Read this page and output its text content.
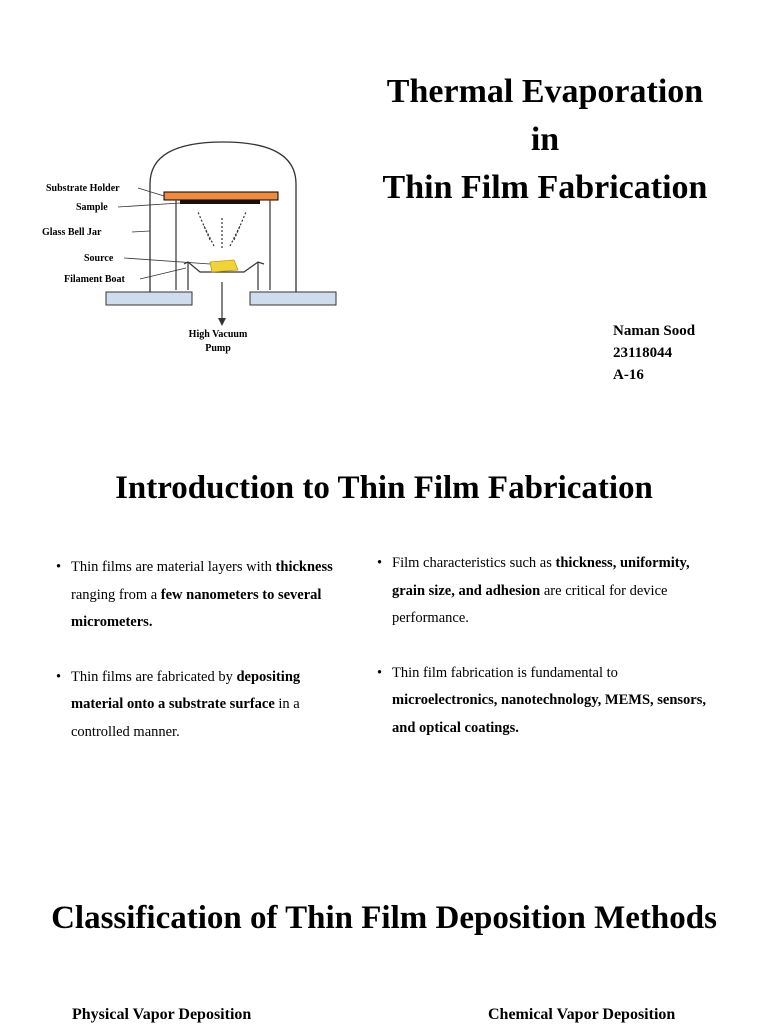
Thermal Evaporation
in
Thin Film Fabrication
Substrate Holder
Sample
Glass Bell Jar
Source
Filament Boat
High Vacuum
Pump
Naman Sood
23118044
A-16
Introduction to Thin Film Fabrication
• Thin films are material layers with thickness ranging from a few nanometers to several micrometers.
• Thin films are fabricated by depositing material onto a substrate surface in a controlled manner.
• Film characteristics such as thickness, uniformity, grain size, and adhesion are critical for device performance.
• Thin film fabrication is fundamental to microelectronics, nanotechnology, MEMS, sensors, and optical coatings.
Classification of Thin Film Deposition Methods
Physical Vapor Deposition	Chemical Vapor Deposition
